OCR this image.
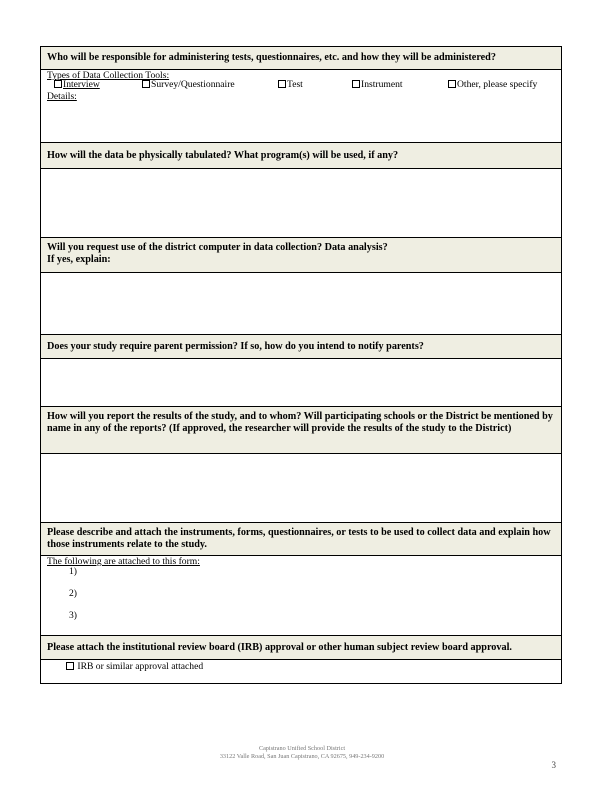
Who will be responsible for administering tests, questionnaires, etc. and how they will be administered?
Types of Data Collection Tools:
Interview	Survey/Questionnaire	Test	Instrument	Other, please specify
Details:
How will the data be physically tabulated? What program(s) will be used, if any?
Will you request use of the district computer in data collection? Data analysis?
If yes, explain:
Does your study require parent permission? If so, how do you intend to notify parents?
How will you report the results of the study, and to whom? Will participating schools or the District be mentioned by name in any of the reports? (If approved, the researcher will provide the results of the study to the District)
Please describe and attach the instruments, forms, questionnaires, or tests to be used to collect data and explain how those instruments relate to the study.
The following are attached to this form:
1)
2)
3)
Please attach the institutional review board (IRB) approval or other human subject review board approval.
IRB or similar approval attached
Capistrano Unified School District
33122 Valle Road, San Juan Capistrano, CA 92675, 949-234-9200
3
